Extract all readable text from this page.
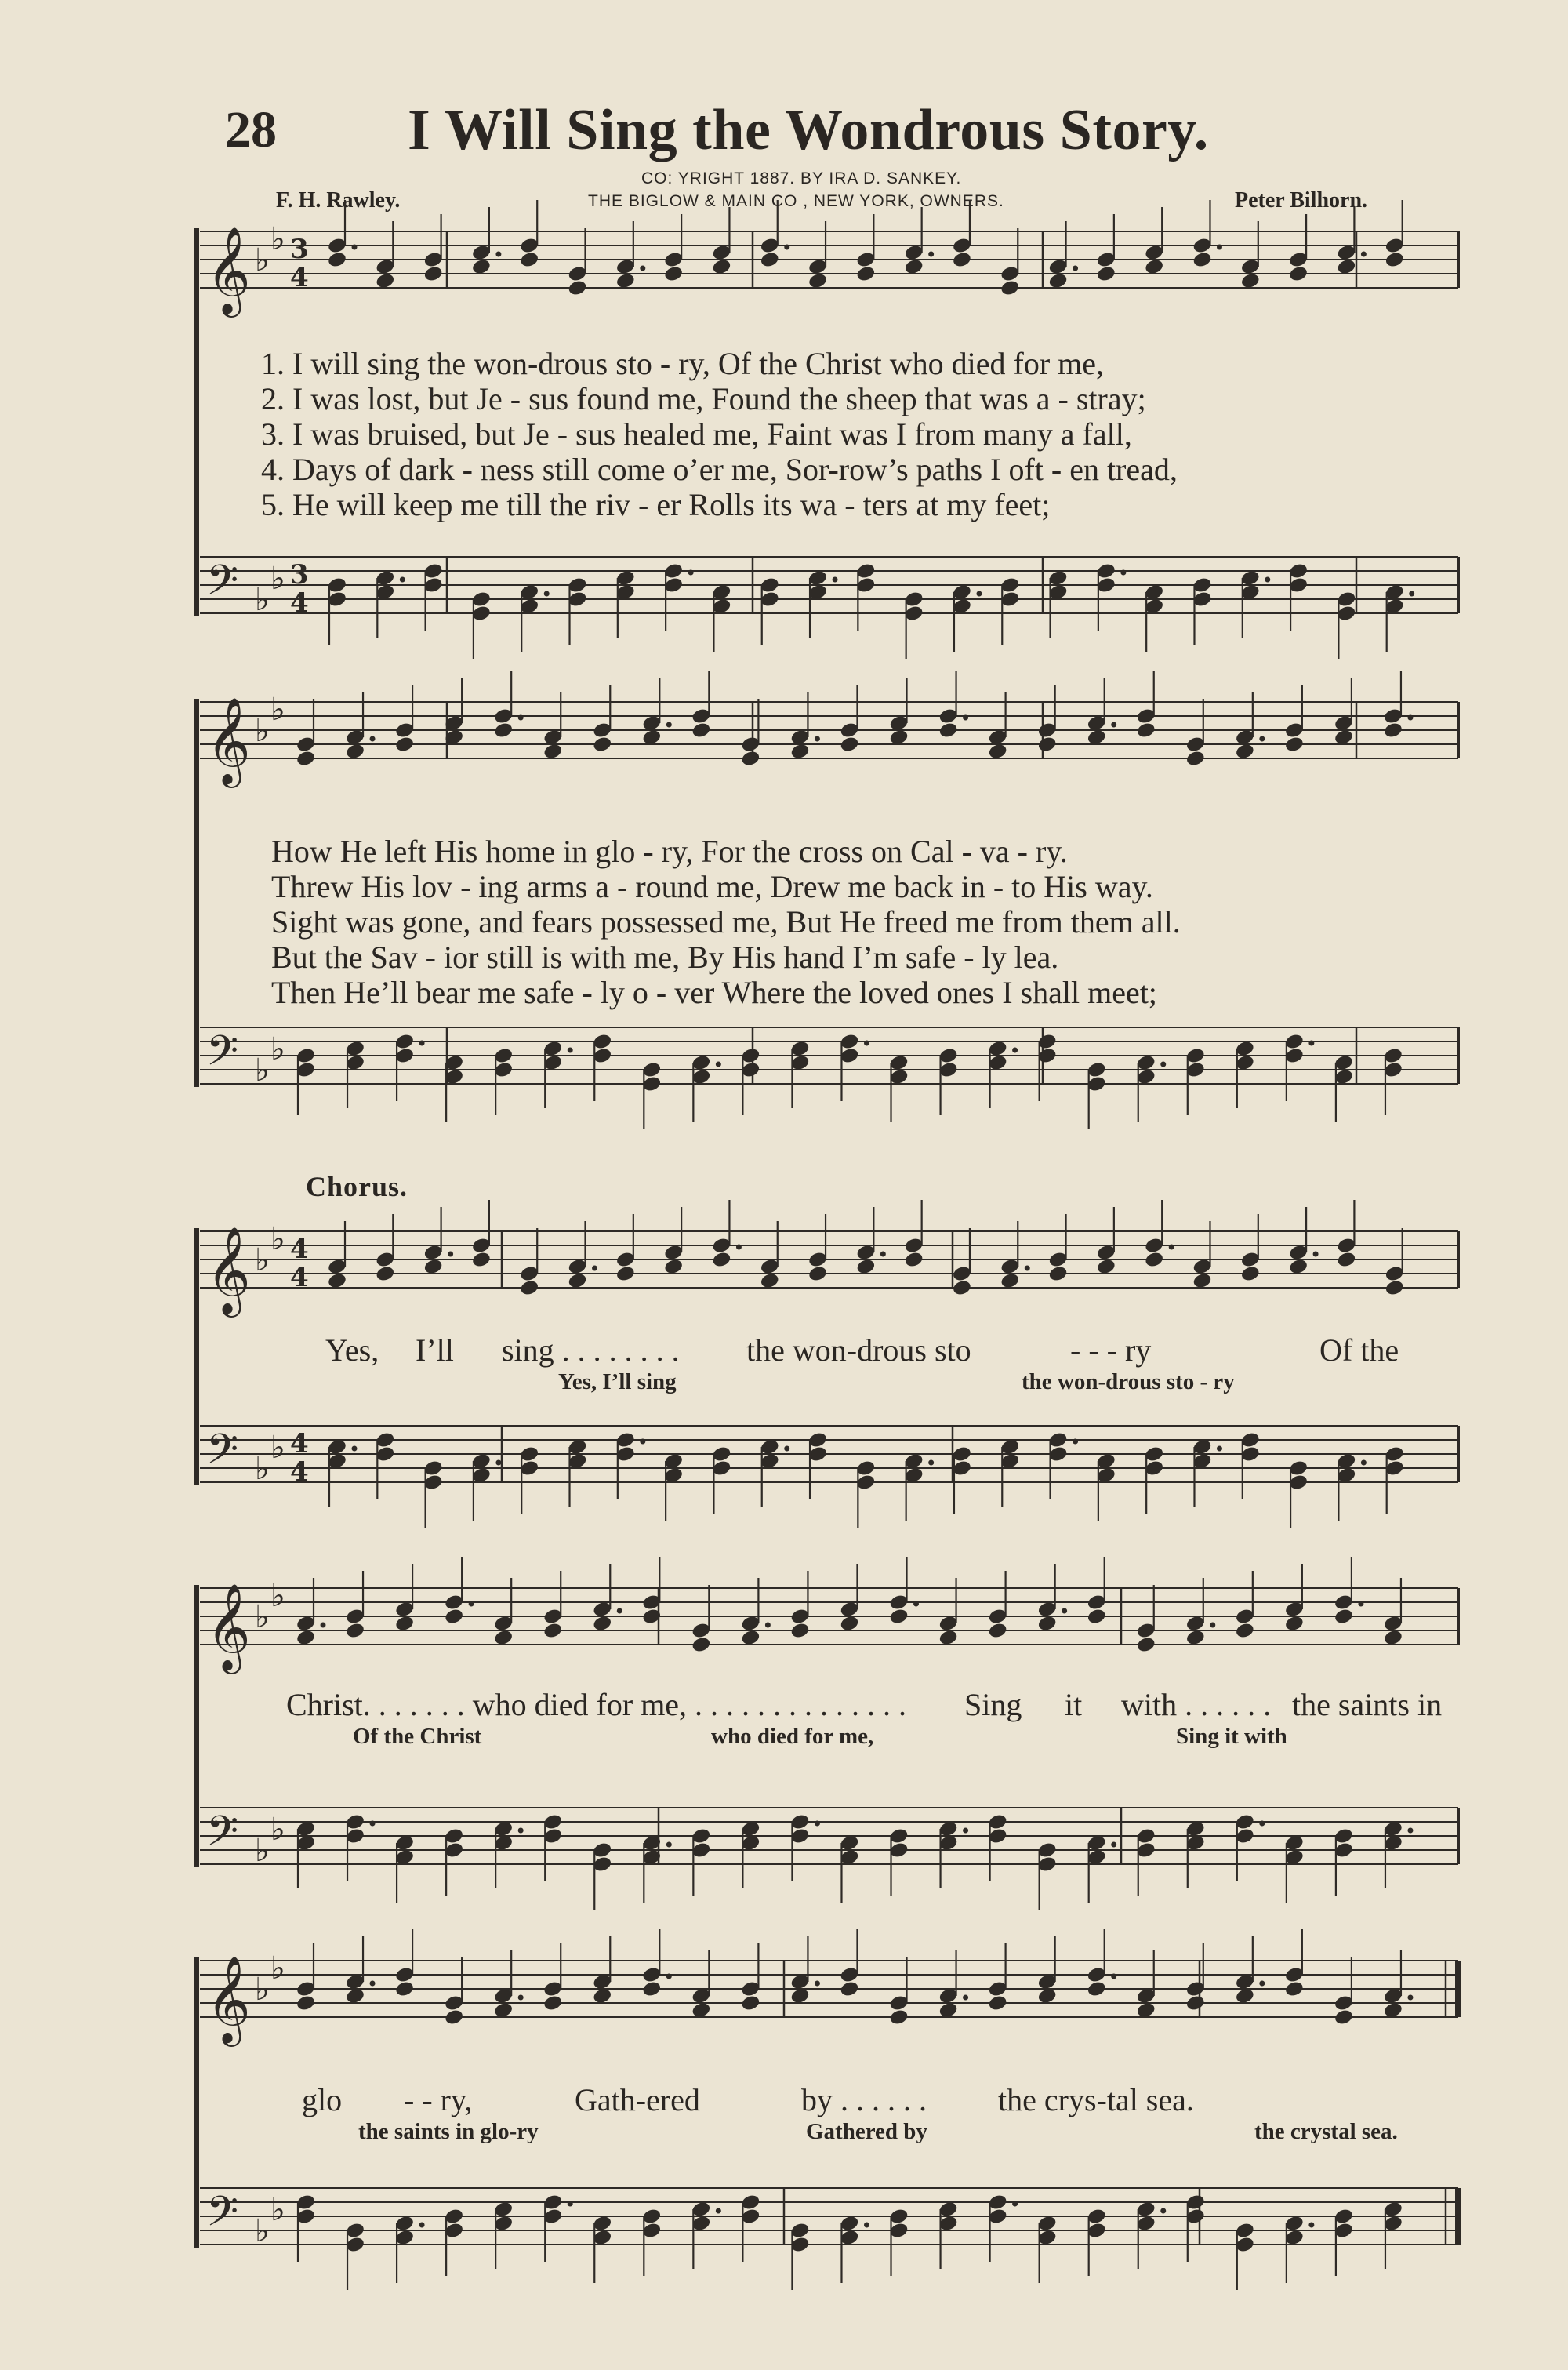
28 I Will Sing the Wondrous Story.
CO: YRIGHT 1887. BY IRA D. SANKEY.
THE BIGLOW & MAIN CO , NEW YORK, OWNERS.
F. H. Rawley.	Peter Bilhorn.
𝄞 ♭
♭ 3
4
𝄢 ♭
♭ 3
4
𝄞 ♭
♭
𝄢 ♭
♭
𝄞 ♭
♭ 4
4
𝄢 ♭
♭ 4
4
𝄞 ♭
♭
𝄢 ♭
♭
𝄞 ♭
♭
𝄢 ♭
♭
1. I will sing the won-drous sto - ry, Of the Christ who died for me,
2. I was lost, but Je - sus found me, Found the sheep that was a - stray;
3. I was bruised, but Je - sus healed me, Faint was I from many a fall,
4. Days of dark - ness still come o’er me, Sor-row’s paths I oft - en tread,
5. He will keep me till the riv - er Rolls its wa - ters at my feet;
How He left His home in glo - ry, For the cross on Cal - va - ry.
Threw His lov - ing arms a - round me, Drew me back in - to His way.
Sight was gone, and fears possessed me, But He freed me from them all.
But the Sav - ior still is with me, By His hand I’m safe - ly lea.
Then He’ll bear me safe - ly o - ver Where the loved ones I shall meet;
Chorus.
Yes, I’ll sing . . . . . . . . the won-drous sto	- - - ry	Of the
Yes, I’ll sing	the won-drous sto - ry
Christ. . . . . . . who died for me, . . . . . . . . . . . . . . Sing it with . . . . . . the saints in
Of the Christ	who died for me,	Sing it with
glo - - ry,	Gath-ered	by . . . . . . the crys-tal sea.
the saints in glo-ry	Gathered by	the crystal sea.
